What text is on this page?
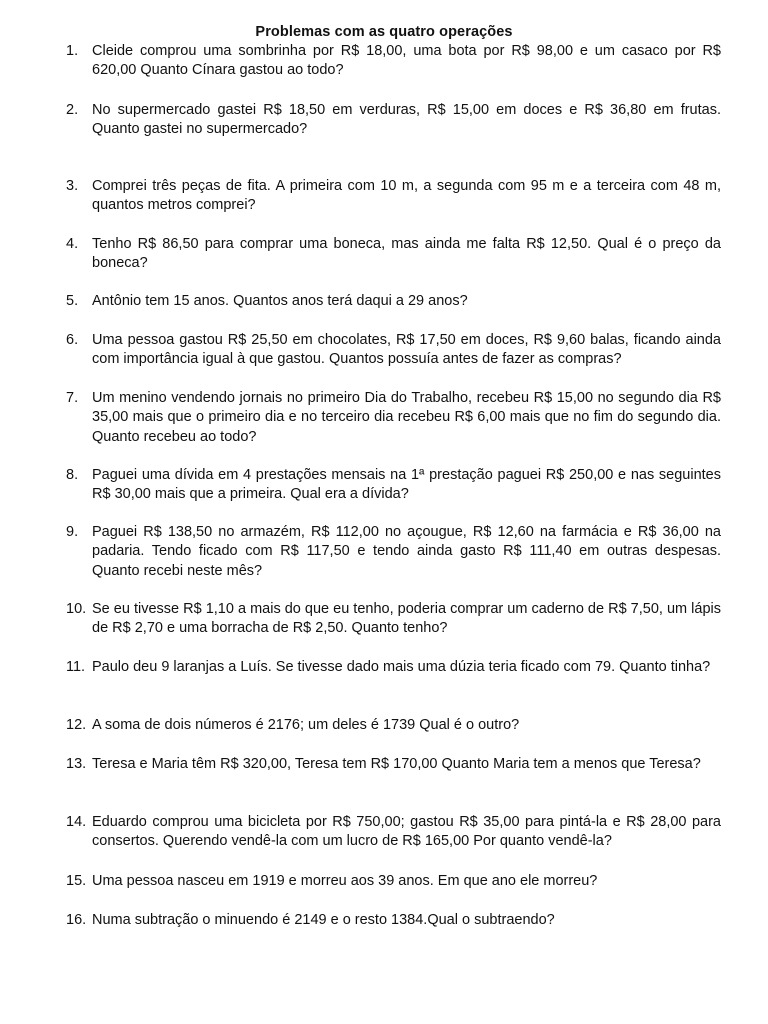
Problemas com as quatro operações
1. Cleide comprou uma sombrinha por R$ 18,00, uma bota por R$ 98,00 e um casaco por R$ 620,00 Quanto Cínara gastou ao todo?
2. No supermercado gastei R$ 18,50 em verduras, R$ 15,00 em doces e R$ 36,80 em frutas. Quanto gastei no supermercado?
3. Comprei três peças de fita. A primeira com 10 m, a segunda com 95 m e a terceira com 48 m, quantos metros comprei?
4. Tenho R$ 86,50 para comprar uma boneca, mas ainda me falta R$ 12,50. Qual é o preço da boneca?
5. Antônio tem 15 anos. Quantos anos terá daqui a 29 anos?
6. Uma pessoa gastou R$ 25,50 em chocolates, R$ 17,50 em doces, R$ 9,60 balas, ficando ainda com importância igual à que gastou. Quantos possuía antes de fazer as compras?
7. Um menino vendendo jornais no primeiro Dia do Trabalho, recebeu R$ 15,00 no segundo dia R$ 35,00 mais que o primeiro dia e no terceiro dia recebeu R$ 6,00 mais que no fim do segundo dia. Quanto recebeu ao todo?
8. Paguei uma dívida em 4 prestações mensais na 1ª prestação paguei R$ 250,00 e nas seguintes R$ 30,00 mais que a primeira. Qual era a dívida?
9. Paguei R$ 138,50 no armazém, R$ 112,00 no açougue, R$ 12,60 na farmácia e R$ 36,00 na padaria. Tendo ficado com R$ 117,50 e tendo ainda gasto R$ 111,40 em outras despesas. Quanto recebi neste mês?
10. Se eu tivesse R$ 1,10 a mais do que eu tenho, poderia comprar um caderno de R$ 7,50, um lápis de R$ 2,70 e uma borracha de R$ 2,50. Quanto tenho?
11. Paulo deu 9 laranjas a Luís. Se tivesse dado mais uma dúzia teria ficado com 79. Quanto tinha?
12. A soma de dois números é 2176; um deles é 1739 Qual é o outro?
13. Teresa e Maria têm R$ 320,00, Teresa tem R$ 170,00 Quanto Maria tem a menos que Teresa?
14. Eduardo comprou uma bicicleta por R$ 750,00; gastou R$ 35,00 para pintá-la e R$ 28,00 para consertos. Querendo vendê-la com um lucro de R$ 165,00 Por quanto vendê-la?
15. Uma pessoa nasceu em 1919 e morreu aos 39 anos. Em que ano ele morreu?
16. Numa subtração o minuendo é 2149 e o resto 1384.Qual o subtraendo?
